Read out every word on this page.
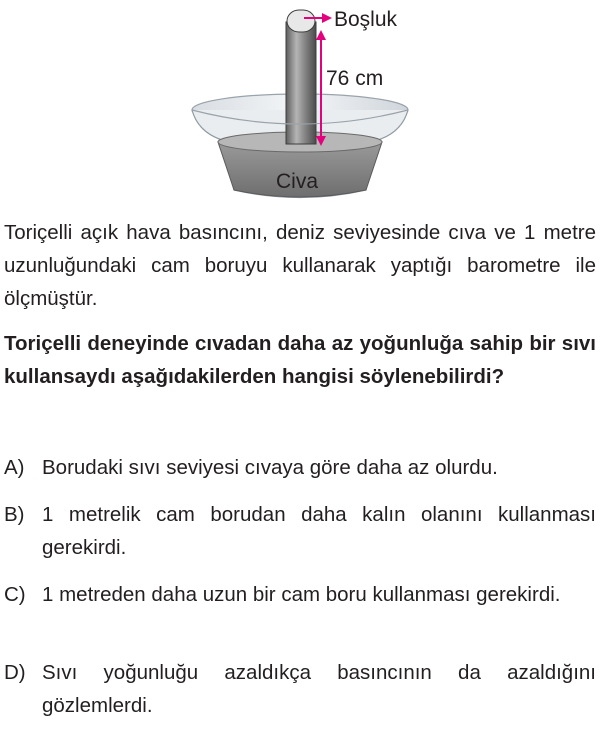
Boşluk
76 cm
Civa

Toriçelli açık hava basıncını, deniz seviyesinde cıva ve 1 metre uzunluğundaki cam boruyu kullanarak yaptığı barometre ile ölçmüştür.

Toriçelli deneyinde cıvadan daha az yoğunluğa sahip bir sıvı kullansaydı aşağıdakilerden hangisi söylenebilirdi?

A) Borudaki sıvı seviyesi cıvaya göre daha az olurdu.
B) 1 metrelik cam borudan daha kalın olanını kullanması gerekirdi.
C) 1 metreden daha uzun bir cam boru kullanması gerekirdi.
D) Sıvı yoğunluğu azaldıkça basıncının da azaldığını gözlemlerdi.
